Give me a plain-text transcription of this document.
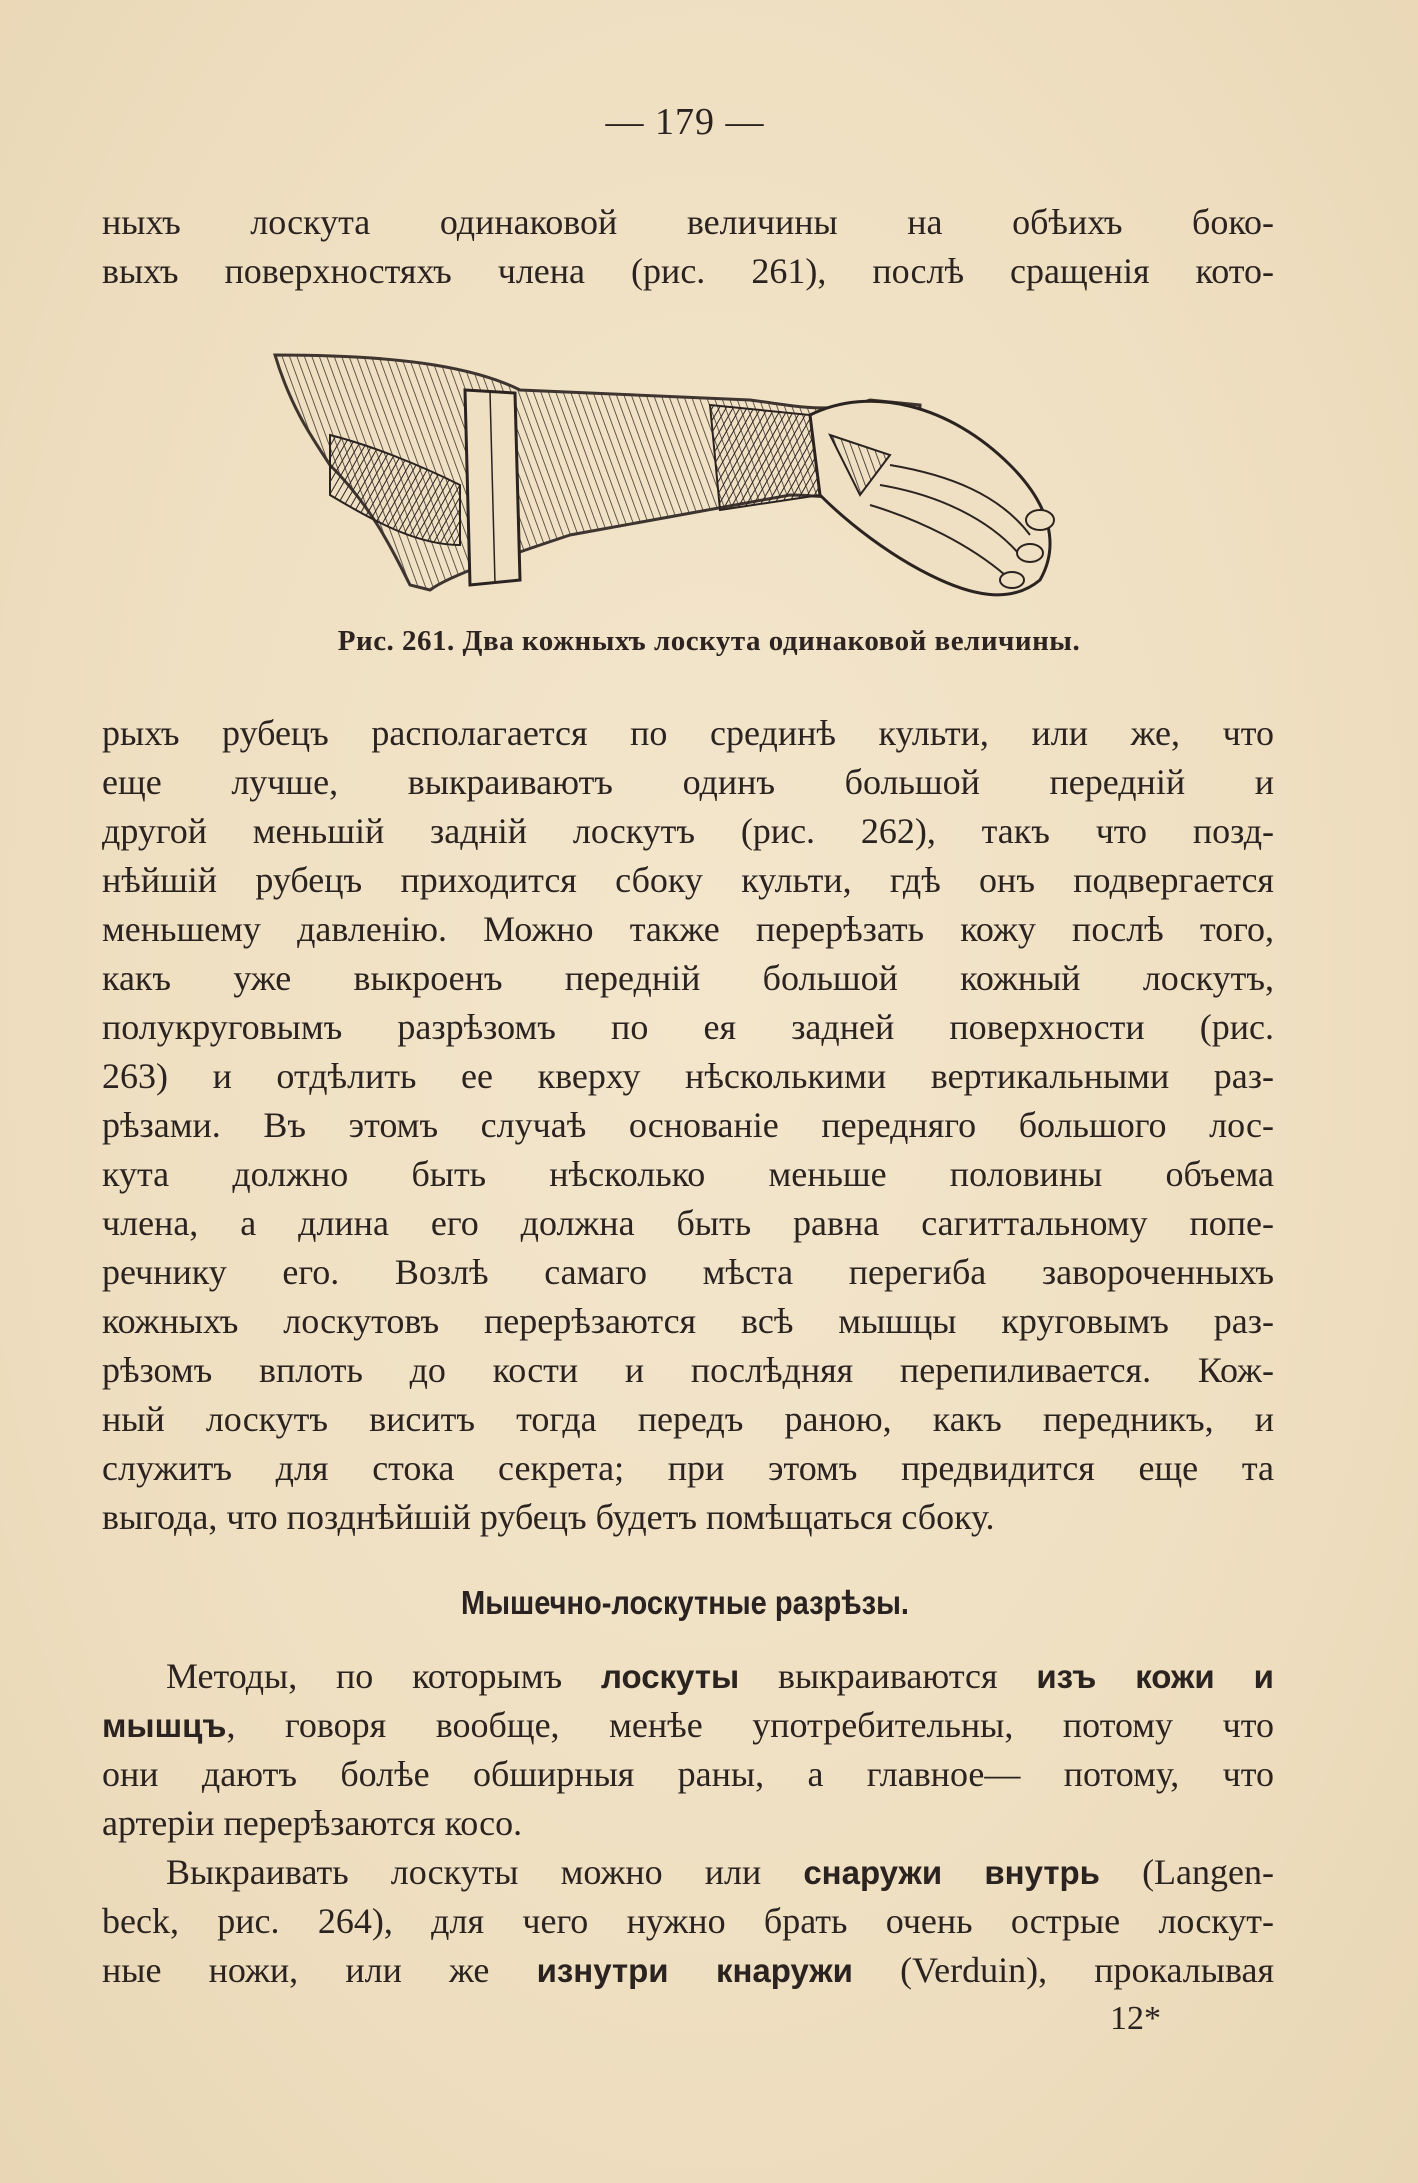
— 179 —
ныхъ лоскута одинаковой величины на обѣихъ боко-
выхъ поверхностяхъ члена (рис. 261), послѣ сращенія кото-
Рис. 261. Два кожныхъ лоскута одинаковой величины.
рыхъ рубецъ располагается по срединѣ культи, или же, что
еще лучше, выкраиваютъ одинъ большой передній и
другой меньшій задній лоскутъ (рис. 262), такъ что позд-
нѣйшій рубецъ приходится сбоку культи, гдѣ онъ подвергается
меньшему давленію. Можно также перерѣзать кожу послѣ того,
какъ уже выкроенъ передній большой кожный лоскутъ,
полукруговымъ разрѣзомъ по ея задней поверхности (рис.
263) и отдѣлить ее кверху нѣсколькими вертикальными раз-
рѣзами. Въ этомъ случаѣ основаніе передняго большого лос-
кута должно быть нѣсколько меньше половины объема
члена, а длина его должна быть равна сагиттальному попе-
речнику его. Возлѣ самаго мѣста перегиба завороченныхъ
кожныхъ лоскутовъ перерѣзаются всѣ мышцы круговымъ раз-
рѣзомъ вплоть до кости и послѣдняя перепиливается. Кож-
ный лоскутъ виситъ тогда передъ раною, какъ передникъ, и
служитъ для стока секрета; при этомъ предвидится еще та
выгода, что позднѣйшій рубецъ будетъ помѣщаться сбоку.
Мышечно-лоскутные разрѣзы.
Методы, по которымъ лоскуты выкраиваются изъ кожи и
мышцъ, говоря вообще, менѣе употребительны, потому что
они даютъ болѣе обширныя раны, а главное— потому, что
артеріи перерѣзаются косо.
Выкраивать лоскуты можно или снаружи внутрь (Langen-
beck, рис. 264), для чего нужно брать очень острые лоскут-
ные ножи, или же изнутри кнаружи (Verduin), прокалывая
12*
